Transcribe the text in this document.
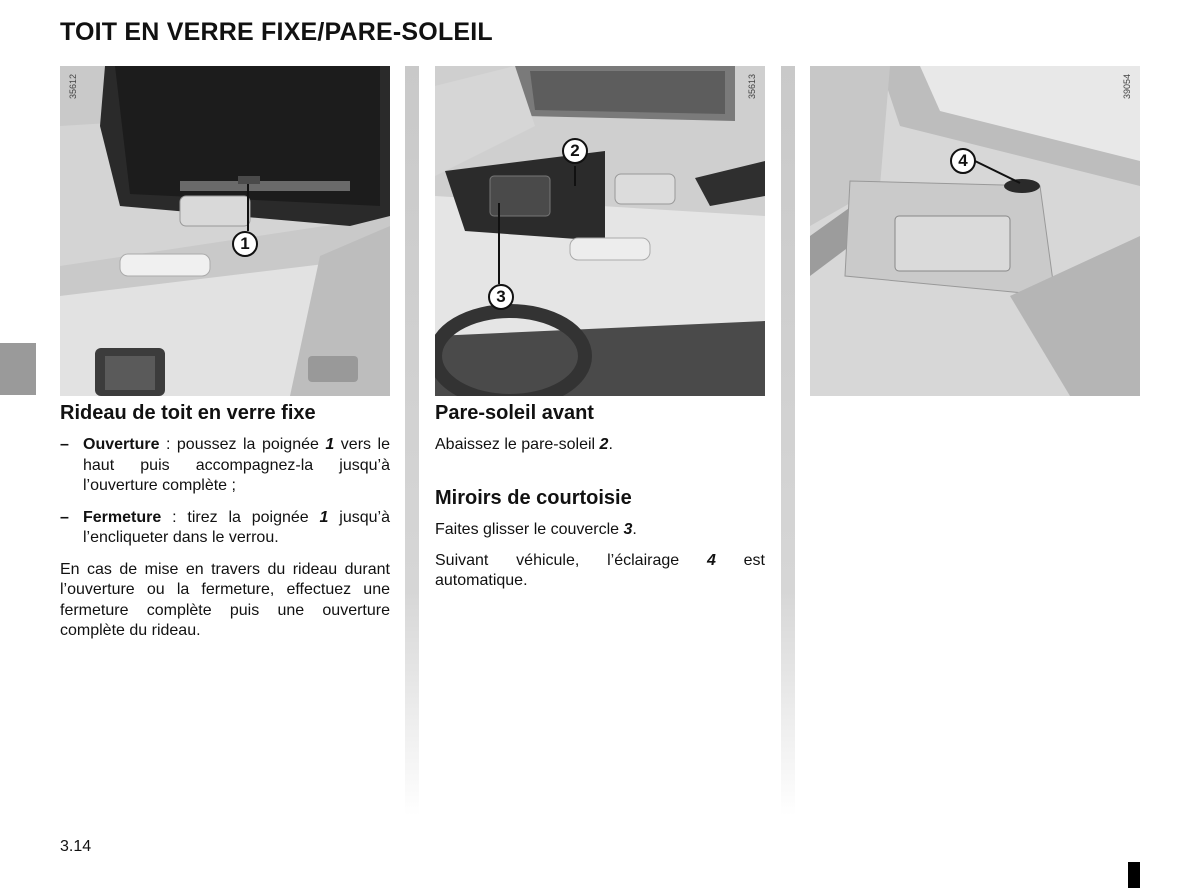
TOIT EN VERRE FIXE/PARE-SOLEIL
35612
1
35613
2
3
39054
4
Rideau de toit en verre fixe
– Ouverture : poussez la poignée 1 vers le haut puis accompagnez-la jusqu’à l’ouverture complète ;
– Fermeture : tirez la poignée 1 jusqu’à l’encliqueter dans le verrou.

En cas de mise en travers du rideau durant l’ouverture ou la fermeture, effectuez une fermeture complète puis une ouverture complète du rideau.

Pare-soleil avant

Abaissez le pare-soleil 2.

Miroirs de courtoisie

Faites glisser le couvercle 3.

Suivant véhicule, l’éclairage 4 est automatique.

3.14
